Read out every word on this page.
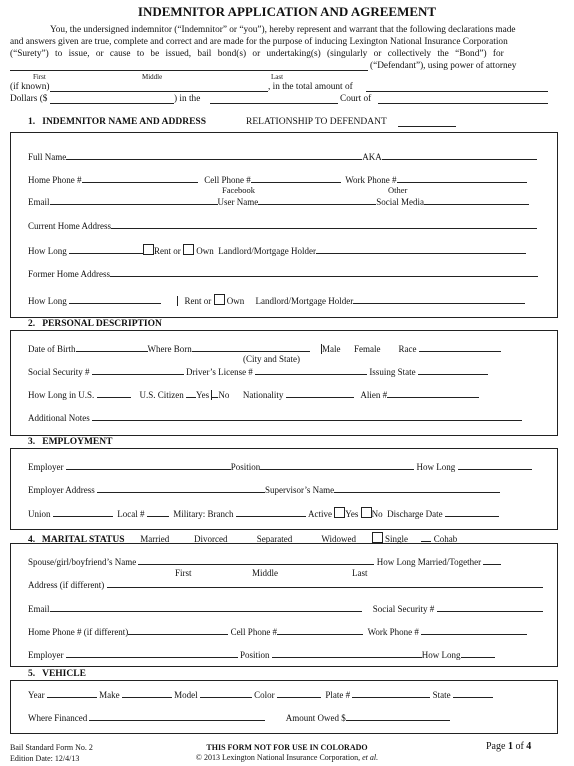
INDEMNITOR APPLICATION AND AGREEMENT
You, the undersigned indemnitor (“Indemnitor” or “you”), hereby represent and warrant that the following declarations made
and answers given are true, complete and correct and are made for the purpose of inducing Lexington National Insurance Corporation
(“Surety”) to issue, or cause to be issued, bail bond(s) or undertaking(s) (singularly or collectively the “Bond”) for
(“Defendant”), using power of attorney
First	Middle	Last
(if known)	, in the total amount of
Dollars ($	) in the	Court of
1. INDEMNITOR NAME AND ADDRESS	RELATIONSHIP TO DEFENDANT
Full Name	AKA
Facebook	Other
Home Phone #	Cell Phone #	Work Phone #
Email	User Name	Social Media
Current Home Address
How Long	Rent or Own Landlord/Mortgage Holder
Former Home Address
How Long	Rent or Own Landlord/Mortgage Holder
2. PERSONAL DESCRIPTION
Date of Birth	Where Born	Male Female Race
(City and State)
Social Security #	Driver’s License #	Issuing State
How Long in U.S.	U.S. Citizen Yes No Nationality	Alien #
Additional Notes
3. EMPLOYMENT
Employer	Position	How Long
Employer Address	Supervisor’s Name
Union	Local #	Military: Branch	Active Yes No Discharge Date
4. MARITAL STATUS Married	Divorced	Separated	Widowed	Single	Cohab
Spouse/girl/boyfriend’s Name	How Long Married/Together
First	Middle	Last
Address (if different)
Email	Social Security #
Home Phone # (if different)	Cell Phone #	Work Phone #
Employer	Position	How Long
5. VEHICLE
Year	Make	Model	Color	Plate #	State
Where Financed	Amount Owed $
Bail Standard Form No. 2
Edition Date: 12/4/13
THIS FORM NOT FOR USE IN COLORADO
© 2013 Lexington National Insurance Corporation, et al.
Page 1 of 4
